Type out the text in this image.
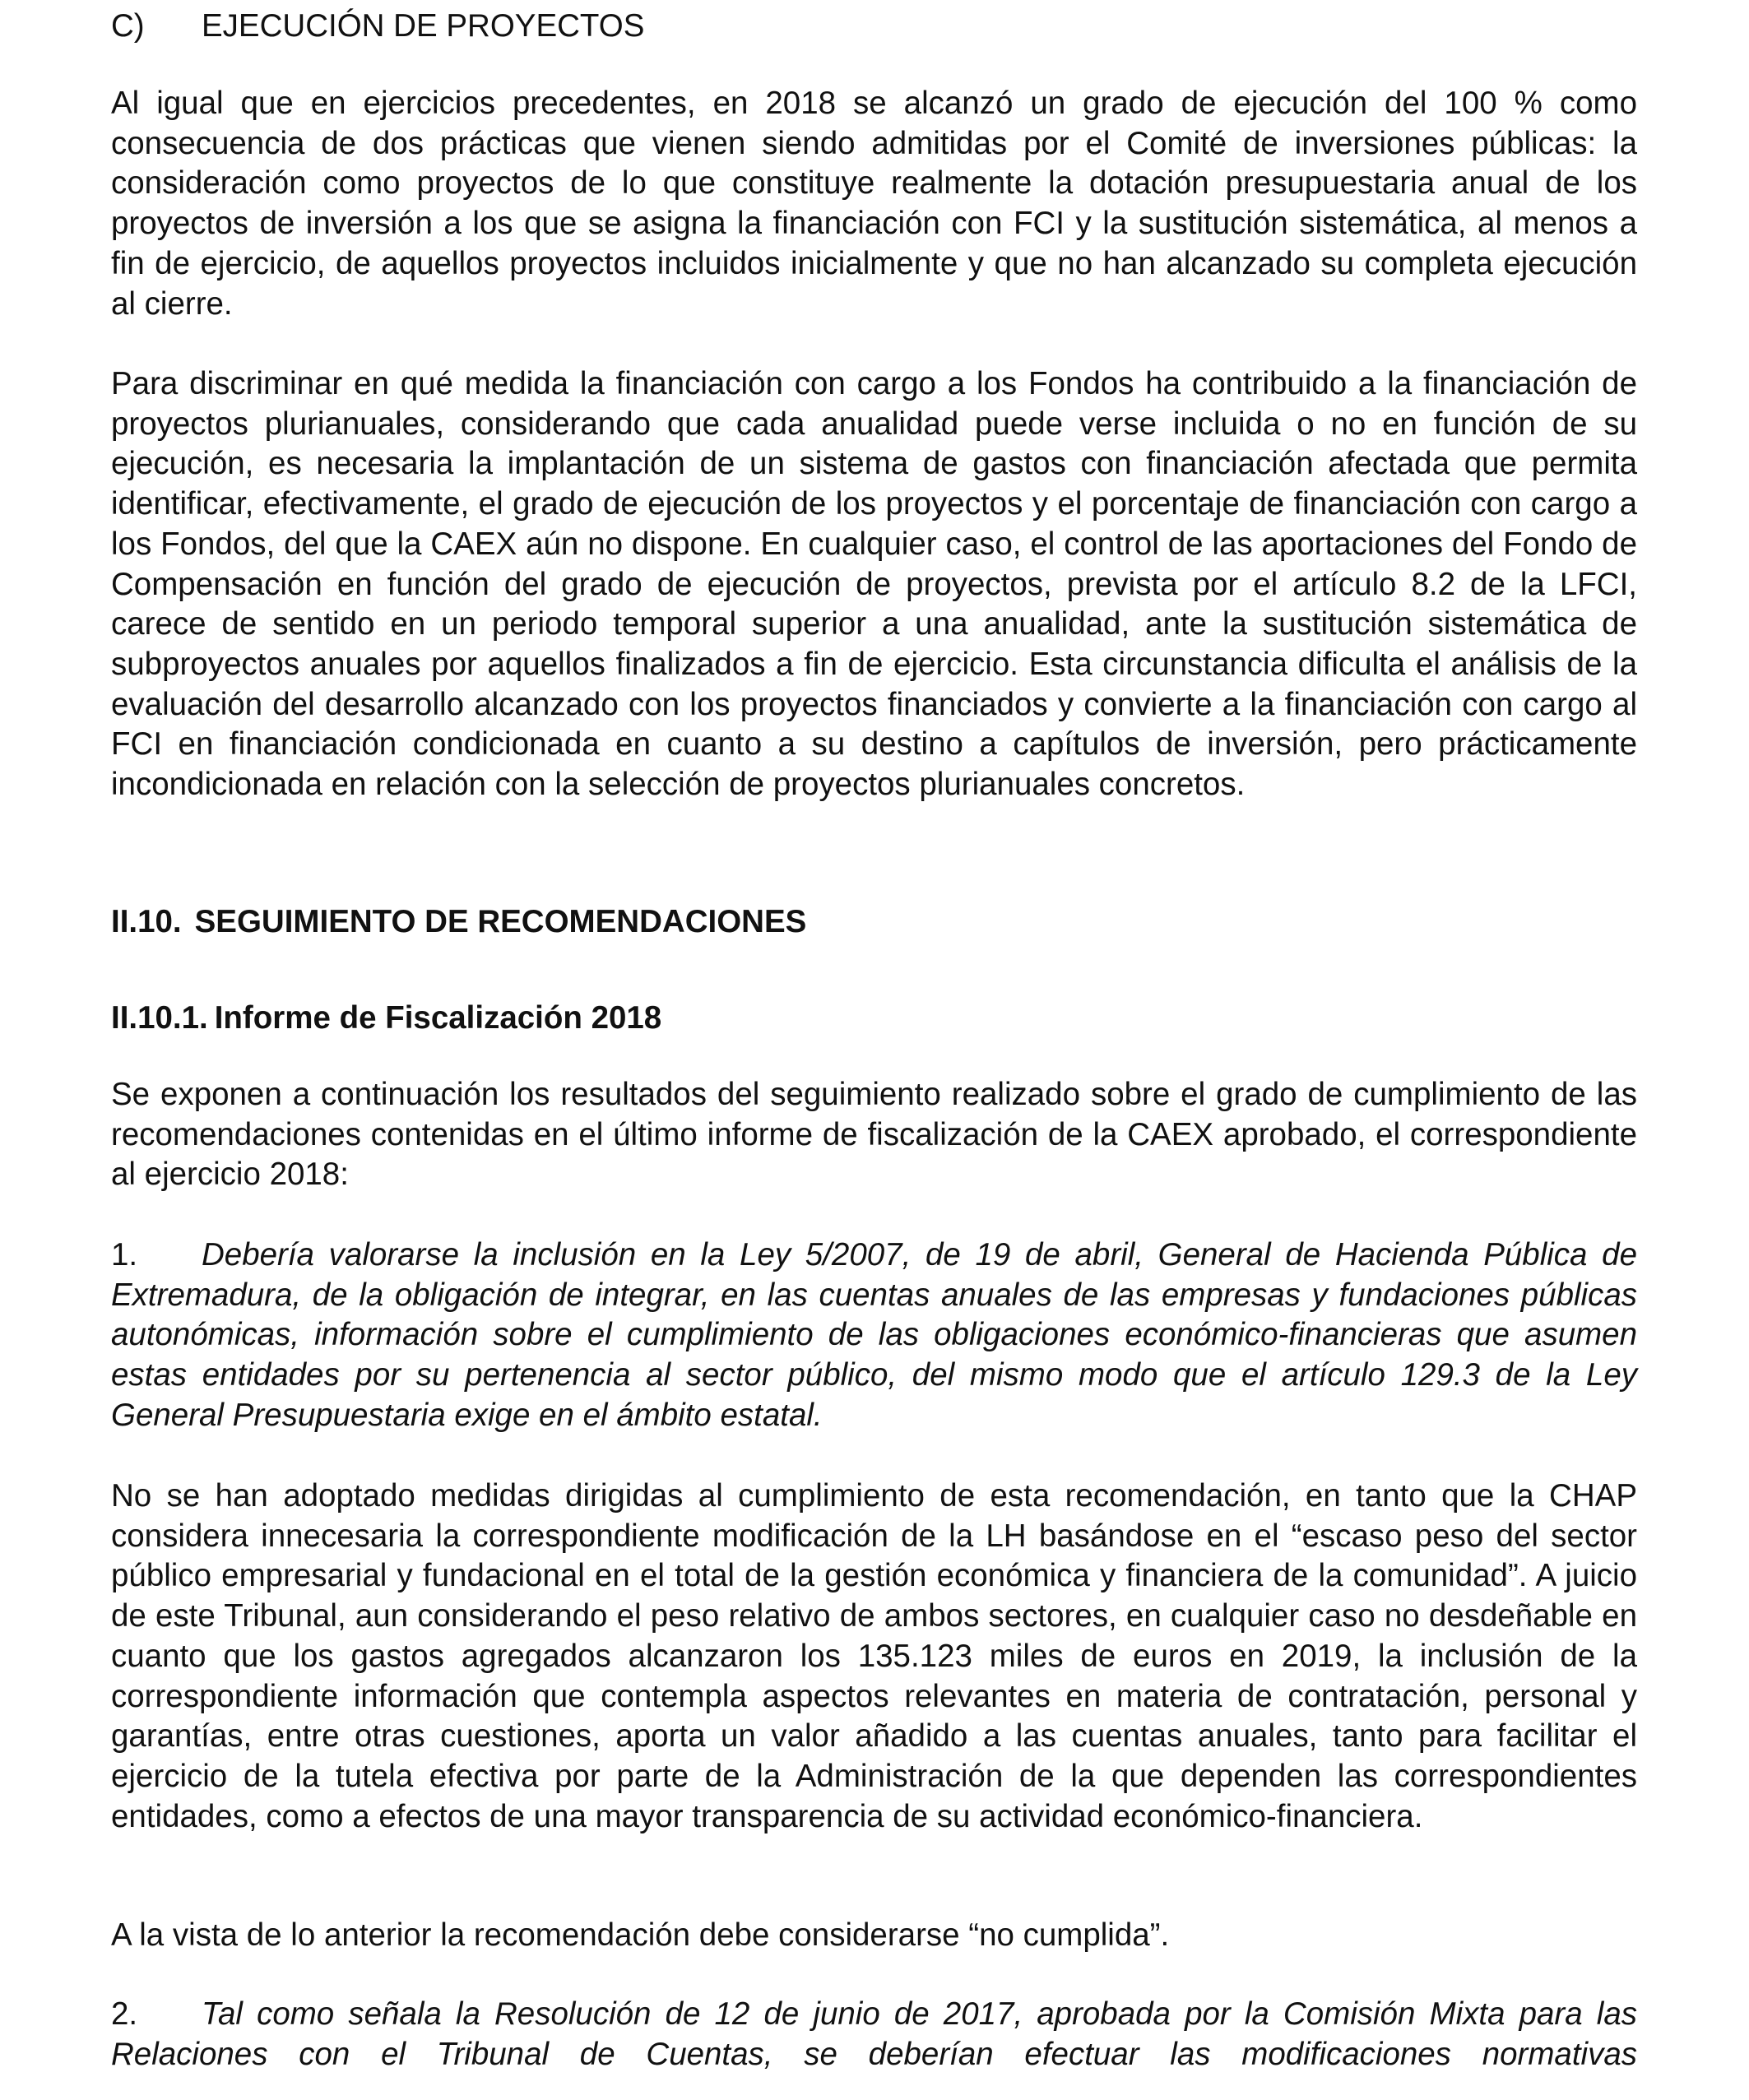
C) EJECUCIÓN DE PROYECTOS

Al igual que en ejercicios precedentes, en 2018 se alcanzó un grado de ejecución del 100 % como consecuencia de dos prácticas que vienen siendo admitidas por el Comité de inversiones públicas: la consideración como proyectos de lo que constituye realmente la dotación presupuestaria anual de los proyectos de inversión a los que se asigna la financiación con FCI y la sustitución sistemática, al menos a fin de ejercicio, de aquellos proyectos incluidos inicialmente y que no han alcanzado su completa ejecución al cierre.

Para discriminar en qué medida la financiación con cargo a los Fondos ha contribuido a la financiación de proyectos plurianuales, considerando que cada anualidad puede verse incluida o no en función de su ejecución, es necesaria la implantación de un sistema de gastos con financiación afectada que permita identificar, efectivamente, el grado de ejecución de los proyectos y el porcentaje de financiación con cargo a los Fondos, del que la CAEX aún no dispone. En cualquier caso, el control de las aportaciones del Fondo de Compensación en función del grado de ejecución de proyectos, prevista por el artículo 8.2 de la LFCI, carece de sentido en un periodo temporal superior a una anualidad, ante la sustitución sistemática de subproyectos anuales por aquellos finalizados a fin de ejercicio. Esta circunstancia dificulta el análisis de la evaluación del desarrollo alcanzado con los proyectos financiados y convierte a la financiación con cargo al FCI en financiación condicionada en cuanto a su destino a capítulos de inversión, pero prácticamente incondicionada en relación con la selección de proyectos plurianuales concretos.

II.10. SEGUIMIENTO DE RECOMENDACIONES
II.10.1. Informe de Fiscalización 2018

Se exponen a continuación los resultados del seguimiento realizado sobre el grado de cumplimiento de las recomendaciones contenidas en el último informe de fiscalización de la CAEX aprobado, el correspondiente al ejercicio 2018:

1. Debería valorarse la inclusión en la Ley 5/2007, de 19 de abril, General de Hacienda Pública de Extremadura, de la obligación de integrar, en las cuentas anuales de las empresas y fundaciones públicas autonómicas, información sobre el cumplimiento de las obligaciones económico-financieras que asumen estas entidades por su pertenencia al sector público, del mismo modo que el artículo 129.3 de la Ley General Presupuestaria exige en el ámbito estatal.

No se han adoptado medidas dirigidas al cumplimiento de esta recomendación, en tanto que la CHAP considera innecesaria la correspondiente modificación de la LH basándose en el “escaso peso del sector público empresarial y fundacional en el total de la gestión económica y financiera de la comunidad”. A juicio de este Tribunal, aun considerando el peso relativo de ambos sectores, en cualquier caso no desdeñable en cuanto que los gastos agregados alcanzaron los 135.123 miles de euros en 2019, la inclusión de la correspondiente información que contempla aspectos relevantes en materia de contratación, personal y garantías, entre otras cuestiones, aporta un valor añadido a las cuentas anuales, tanto para facilitar el ejercicio de la tutela efectiva por parte de la Administración de la que dependen las correspondientes entidades, como a efectos de una mayor transparencia de su actividad económico-financiera.

A la vista de lo anterior la recomendación debe considerarse “no cumplida”.

2. Tal como señala la Resolución de 12 de junio de 2017, aprobada por la Comisión Mixta para las Relaciones con el Tribunal de Cuentas, se deberían efectuar las modificaciones normativas
